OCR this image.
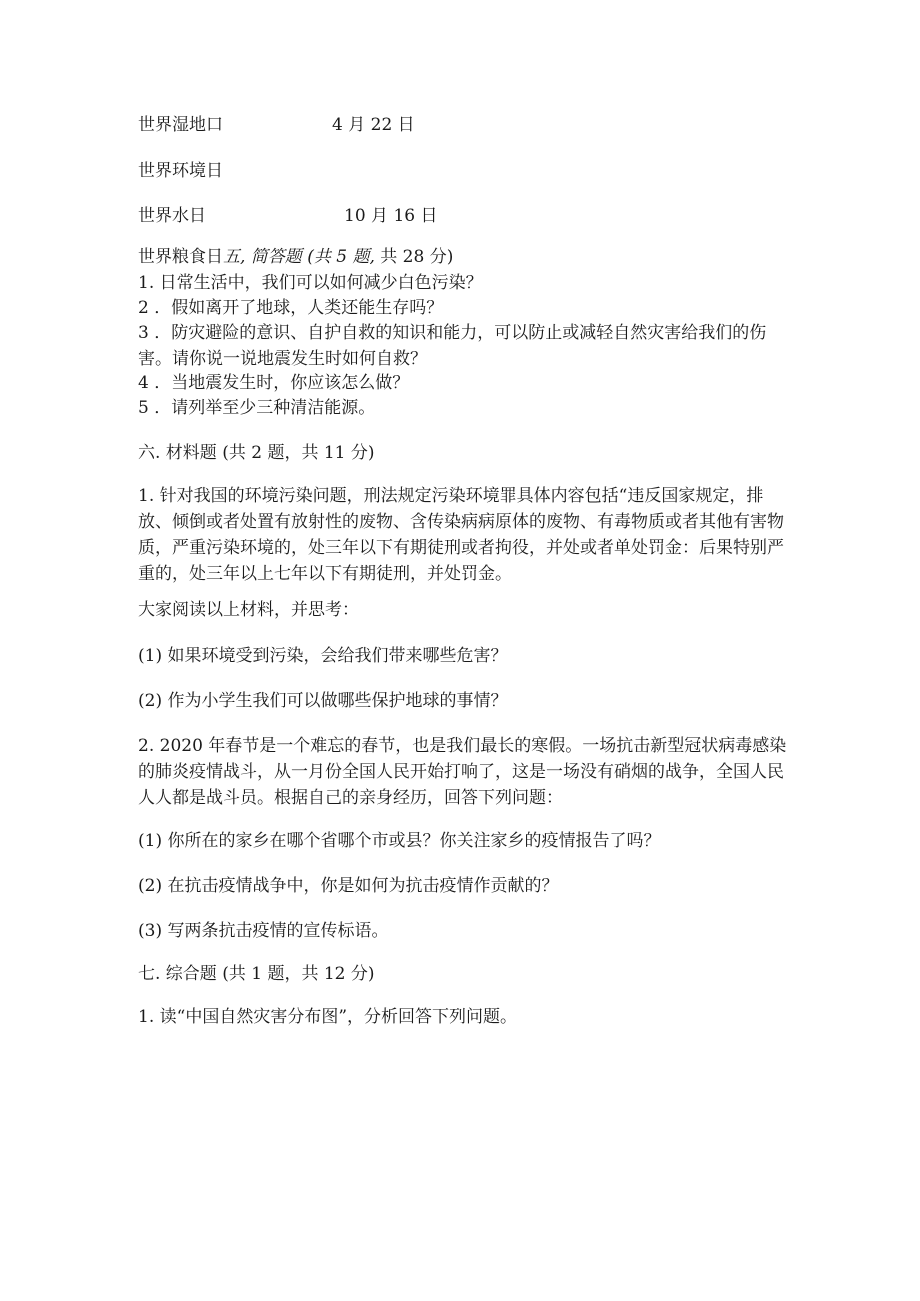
世界湿地口	4 月 22 日
世界环境日
世界水日	10 月 16 日
世界粮食日五, 简答题 (共 5 题, 共 28 分)
1. 日常生活中，我们可以如何减少白色污染？
2 ．假如离开了地球，人类还能生存吗？
3 ．防灾避险的意识、自护自救的知识和能力，可以防止或减轻自然灾害给我们的伤害。请你说一说地震发生时如何自救？
4 ．当地震发生时，你应该怎么做？
5 ．请列举至少三种清洁能源。
六. 材料题 (共 2 题，共 11 分)
1. 针对我国的环境污染问题，刑法规定污染环境罪具体内容包括“违反国家规定，排放、倾倒或者处置有放射性的废物、含传染病病原体的废物、有毒物质或者其他有害物质，严重污染环境的，处三年以下有期徒刑或者拘役，并处或者单处罚金：后果特别严重的，处三年以上七年以下有期徒刑，并处罚金。
大家阅读以上材料，并思考：
(1) 如果环境受到污染，会给我们带来哪些危害？
(2) 作为小学生我们可以做哪些保护地球的事情？
2. 2020 年春节是一个难忘的春节，也是我们最长的寒假。一场抗击新型冠状病毒感染的肺炎疫情战斗，从一月份全国人民开始打响了，这是一场没有硝烟的战争，全国人民人人都是战斗员。根据自己的亲身经历，回答下列问题：
(1) 你所在的家乡在哪个省哪个市或县？你关注家乡的疫情报告了吗？
(2) 在抗击疫情战争中，你是如何为抗击疫情作贡献的？
(3) 写两条抗击疫情的宣传标语。
七. 综合题 (共 1 题，共 12 分)
1. 读“中国自然灾害分布图”，分析回答下列问题。
